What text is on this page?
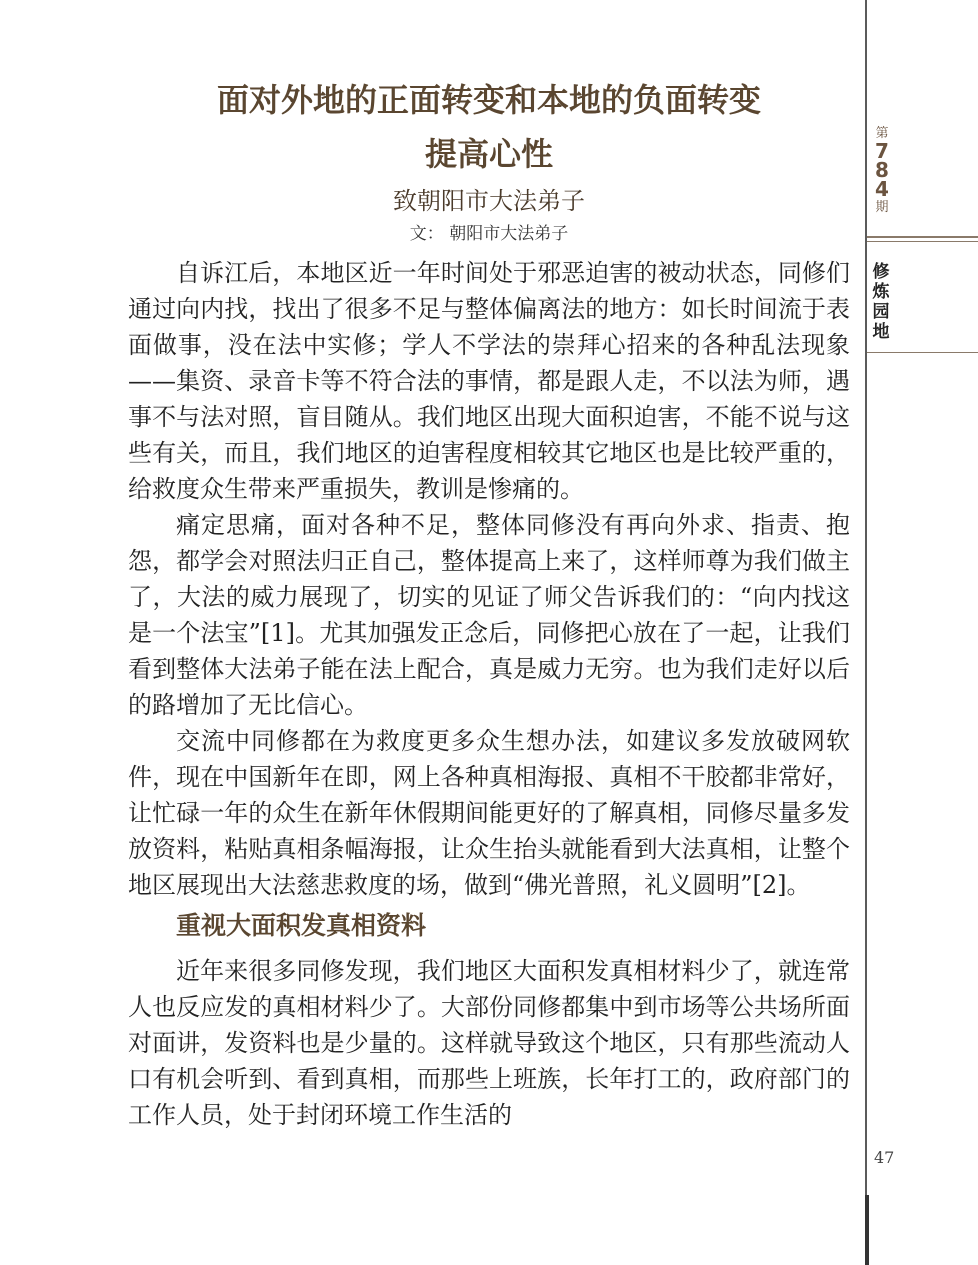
面对外地的正面转变和本地的负面转变
提高心性
致朝阳市大法弟子
文： 朝阳市大法弟子

自诉江后，本地区近一年时间处于邪恶迫害的被动状态，同修们通过向内找，找出了很多不足与整体偏离法的地方：如长时间流于表面做事，没在法中实修；学人不学法的崇拜心招来的各种乱法现象——集资、录音卡等不符合法的事情，都是跟人走，不以法为师，遇事不与法对照，盲目随从。我们地区出现大面积迫害，不能不说与这些有关，而且，我们地区的迫害程度相较其它地区也是比较严重的，给救度众生带来严重损失，教训是惨痛的。

痛定思痛，面对各种不足，整体同修没有再向外求、指责、抱怨，都学会对照法归正自己，整体提高上来了，这样师尊为我们做主了，大法的威力展现了，切实的见证了师父告诉我们的：“向内找这是一个法宝”[1]。尤其加强发正念后，同修把心放在了一起，让我们看到整体大法弟子能在法上配合，真是威力无穷。也为我们走好以后的路增加了无比信心。

交流中同修都在为救度更多众生想办法，如建议多发放破网软件，现在中国新年在即，网上各种真相海报、真相不干胶都非常好，让忙碌一年的众生在新年休假期间能更好的了解真相，同修尽量多发放资料，粘贴真相条幅海报，让众生抬头就能看到大法真相，让整个地区展现出大法慈悲救度的场，做到“佛光普照，礼义圆明”[2]。

重视大面积发真相资料

近年来很多同修发现，我们地区大面积发真相材料少了，就连常人也反应发的真相材料少了。大部份同修都集中到市场等公共场所面对面讲，发资料也是少量的。这样就导致这个地区，只有那些流动人口有机会听到、看到真相，而那些上班族，长年打工的，政府部门的工作人员，处于封闭环境工作生活的

第
7
8
4
期
修
炼
园
地
47
